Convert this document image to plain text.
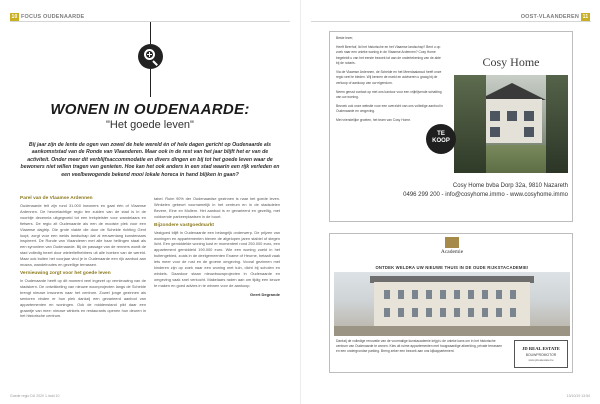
10 FOCUS OUDENAARDE
WONEN IN OUDENAARDE:
"Het goede leven"
Bij jaar zijn de lente de ogen van zowel de hele wereld én of hele dagen gericht op Oudenaarde als aankomststad van de Ronde van Vlaanderen. Maar ook in de rest van het jaar blijft het er van de activiteit. Onder meer dit verblijfsaccommodatie en divers dingen en bij tot het goede leven waar de bewoners niet willen tragen van genieten. Hoe kan het ook anders in een stad waarin een rijk verleden en een veelbewogende bekend mooi lokale horeca in hand blijken in gaan?
Parel van de Vlaamse Ardennen

Oudenaarde telt zijn rond 31.000 inwoners en gaat één of Vlaamse Ardennen. De heuvelachtige regio ten zuiden van de stad is in de voorbije decennia uitgegroeid tot een trekpleister voor wandelaars en fietsers. De regio zit Oudenaarde als een de mooiste plek voor een Vlaamse dagtrip. Die grote vlakte die door de Schelde richting Gent loopt, zorgt voor een weids landschap dat al eeuwenlang kunstenaars inspireert. De Ronde van Vlaanderen met alle haar hellingen staat als een synoniem van Oudenaarde. Bij de passage van de renners wordt de stad volledig bezet door wielerliefhebbers uit alle hoeken van de wereld. Maar ook buiten het voorjaar vind je in Oudenaarde een rijk aanbod aan musea, wandelroutes en gezellige terrassen.

Vernieuwing zorgt voor het goede leven

In Oudenaarde heeft op dit moment veel ingezet op vernieuwing van de stadskern. De ontwikkeling van nieuwe woonprojecten langs de Schelde brengt nieuwe inwoners naar het centrum. Zowel jonge gezinnen als senioren vinden er hun plek dankzij een gevarieerd aanbod van appartementen en woningen. Ook de middenstand pikt daar een graantje van mee: nieuwe winkels en restaurants openen hun deuren in het historische centrum.

tabel. Ruim 90% der Oudenaardse gezinnen is naar het goede leven. Winkelen gebeurt voornamelijk in het centrum en in de stadsdelen Bevere, Eine en Mullem. Het aanbod is er gevarieerd en gezellig, met voldoende parkeerplaatsen in de buurt.

Bijzondere vastgoedmarkt

Vastgoed blijft in Oudenaarde een belangrijk onderwerp. De prijzen van woningen en appartementen bleven de afgelopen jaren stabiel of stegen licht. Een gemiddelde woning kost er momenteel rond 250.000 euro, een appartement gemiddeld 190.000 euro. Wie een woning zoekt in het buitengebied, zoals in de deelgemeenten Ename of Heurne, betaalt vaak iets meer voor de rust en de groene omgeving. Vooral gezinnen met kinderen zijn op zoek naar een woning met tuin, dicht bij scholen en winkels. Daardoor staan nieuwbouwprojecten in Oudenaarde en omgeving vaak snel verkocht. Makelaars raden aan om tijdig een keuze te maken en goed advies in te winnen voor de aankoop.

Geert Degrande
Goede regio DU 2020 1.indd 10
OOST-VLAANDEREN 11

Beste lezer,

Heeft Beerhof, lid het historische en het Vlaamse landschap? Bent u op zoek naar een unieke woning in de Vlaamse Ardennen? Cosy Home begeleidt u van het eerste bezoek tot aan de ondertekening van de akte bij de notaris.

Via de Vlaamse Ardennen, de Schelde en het Meerdaalwoud heeft onze regio veel te bieden. Wij kennen de markt en adviseren u graag bij de verkoop of aankoop van uw eigendom.

Neem gerust contact op met ons kantoor voor een vrijblijvende schatting van uw woning.

Bezoek ook onze website voor een overzicht van ons volledige aanbod in Oudenaarde en omgeving.

Met vriendelijke groeten, het team van Cosy Home.

Cosy Home
TE
KOOP
Cosy Home bvba Dorp 32a, 9810 Nazareth
0496 299 200 - info@cosyhome.immo - www.cosyhome.immo
Academie
ONTDEK WELDRA UW NIEUWE THUIS IN DE OUDE RIJKSTACADEMIE!
Dankzij de volledige renovatie van de voormalige kunstacademie krijgt u de unieke kans om in het historische centrum van Oudenaarde te wonen. Kies uit ruime appartementen met hoogwaardige afwerking, private terrassen en een ondergrondse parking. Breng zeker een bezoek aan ons kijkappartement.	JD REAL ESTATE
BOUWPROMOTOR
www.jdrealestate.be
13/10/19 13:54
